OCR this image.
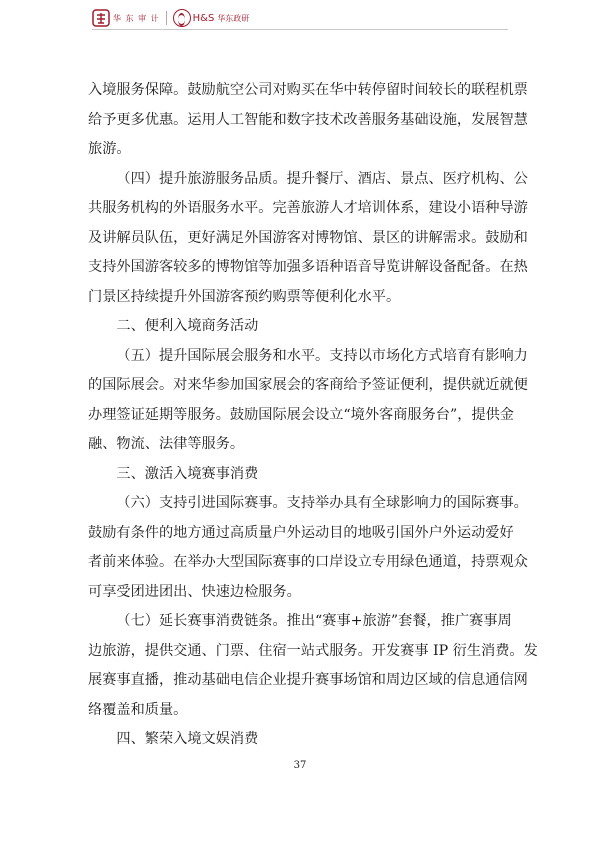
华 东 审 计	H&S 华东政研
入境服务保障。鼓励航空公司对购买在华中转停留时间较长的联程机票
给予更多优惠。运用人工智能和数字技术改善服务基础设施，发展智慧
旅游。
（四）提升旅游服务品质。提升餐厅、酒店、景点、医疗机构、公
共服务机构的外语服务水平。完善旅游人才培训体系，建设小语种导游
及讲解员队伍，更好满足外国游客对博物馆、景区的讲解需求。鼓励和
支持外国游客较多的博物馆等加强多语种语音导览讲解设备配备。在热
门景区持续提升外国游客预约购票等便利化水平。
二、便利入境商务活动
（五）提升国际展会服务和水平。支持以市场化方式培育有影响力
的国际展会。对来华参加国家展会的客商给予签证便利，提供就近就便
办理签证延期等服务。鼓励国际展会设立“境外客商服务台”，提供金
融、物流、法律等服务。
三、激活入境赛事消费
（六）支持引进国际赛事。支持举办具有全球影响力的国际赛事。
鼓励有条件的地方通过高质量户外运动目的地吸引国外户外运动爱好
者前来体验。在举办大型国际赛事的口岸设立专用绿色通道，持票观众
可享受团进团出、快速边检服务。
（七）延长赛事消费链条。推出“赛事+旅游”套餐，推广赛事周
边旅游，提供交通、门票、住宿一站式服务。开发赛事 IP 衍生消费。发
展赛事直播，推动基础电信企业提升赛事场馆和周边区域的信息通信网
络覆盖和质量。
四、繁荣入境文娱消费
37
